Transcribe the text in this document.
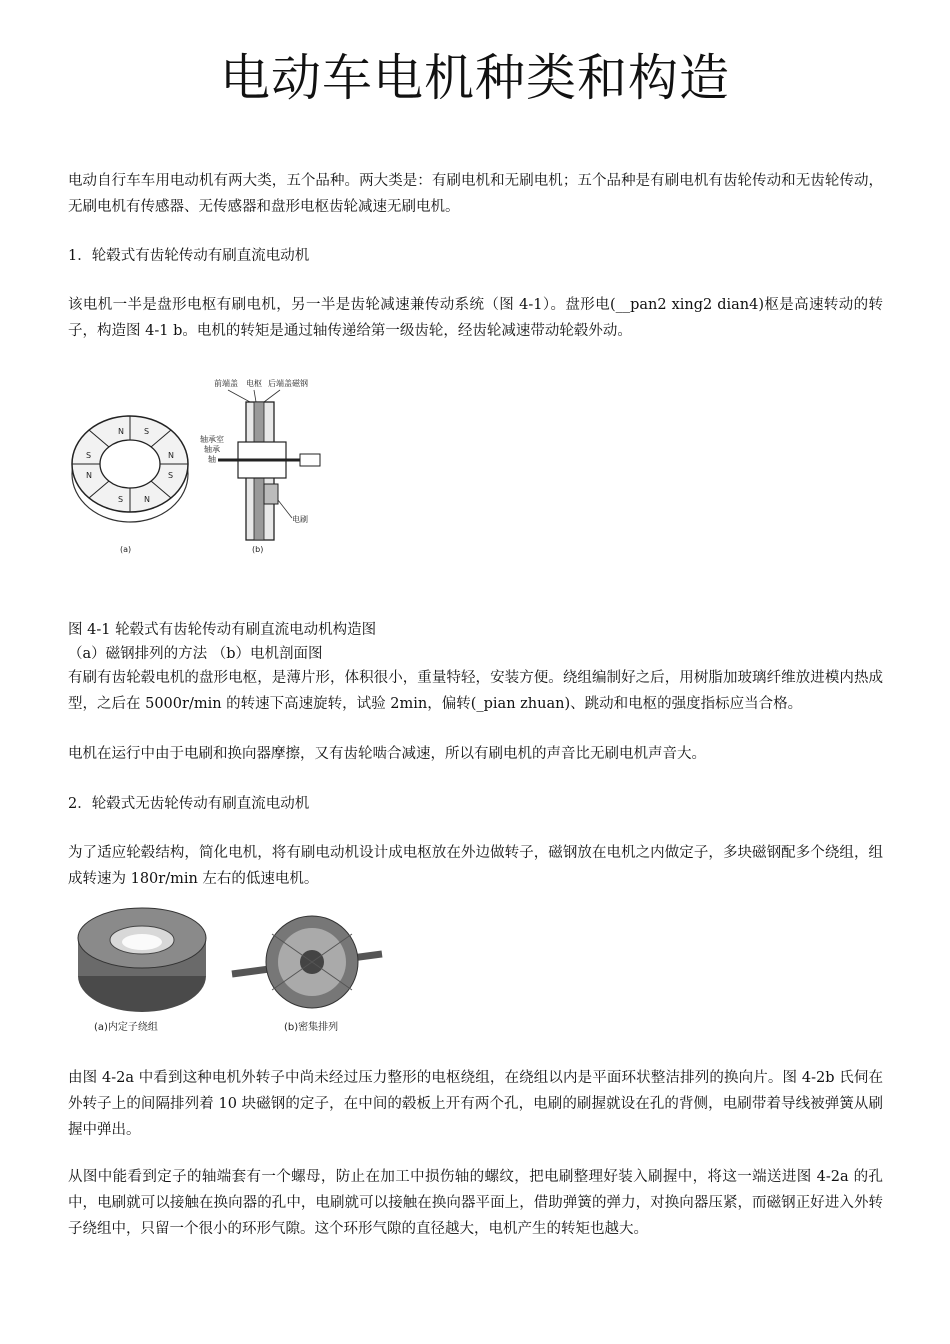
电动车电机种类和构造

电动自行车车用电动机有两大类，五个品种。两大类是：有刷电机和无刷电机；五个品种是有刷电机有齿轮传动和无齿轮传动，无刷电机有传感器、无传感器和盘形电枢齿轮减速无刷电机。

1．轮毂式有齿轮传动有刷直流电动机

该电机一半是盘形电枢有刷电机，另一半是齿轮减速兼传动系统（图 4-1）。盘形电(__pan2 xing2 dian4)枢是高速转动的转子，构造图 4-1 b。电机的转矩是通过轴传递给第一级齿轮，经齿轮减速带动轮毂外动。

N	S
S	N
N	S
S	N
(a)
前端盖 电枢 后端盖磁钢
轴承室
轴承
轴
电刷
(b)

图 4-1 轮毂式有齿轮传动有刷直流电动机构造图

（a）磁钢排列的方法 （b）电机剖面图

有刷有齿轮毂电机的盘形电枢，是薄片形，体积很小，重量特轻，安装方便。绕组编制好之后，用树脂加玻璃纤维放进模内热成型，之后在 5000r/min 的转速下高速旋转，试验 2min，偏转(_pian zhuan)、跳动和电枢的强度指标应当合格。

电机在运行中由于电刷和换向器摩擦，又有齿轮啮合减速，所以有刷电机的声音比无刷电机声音大。

2．轮毂式无齿轮传动有刷直流电动机

为了适应轮毂结构，简化电机，将有刷电动机设计成电枢放在外边做转子，磁钢放在电机之内做定子，多块磁钢配多个绕组，组成转速为 180r/min 左右的低速电机。

(a)内定子绕组	(b)密集排列

由图 4-2a 中看到这种电机外转子中尚未经过压力整形的电枢绕组，在绕组以内是平面环状整洁排列的换向片。图 4-2b 氏伺在外转子上的间隔排列着 10 块磁钢的定子，在中间的毂板上开有两个孔，电刷的刷握就设在孔的背侧，电刷带着导线被弹簧从刷握中弹出。

从图中能看到定子的轴端套有一个螺母，防止在加工中损伤轴的螺纹，把电刷整理好装入刷握中，将这一端送进图 4-2a 的孔中，电刷就可以接触在换向器的孔中，电刷就可以接触在换向器平面上，借助弹簧的弹力，对换向器压紧，而磁钢正好进入外转子绕组中，只留一个很小的环形气隙。这个环形气隙的直径越大，电机产生的转矩也越大。
